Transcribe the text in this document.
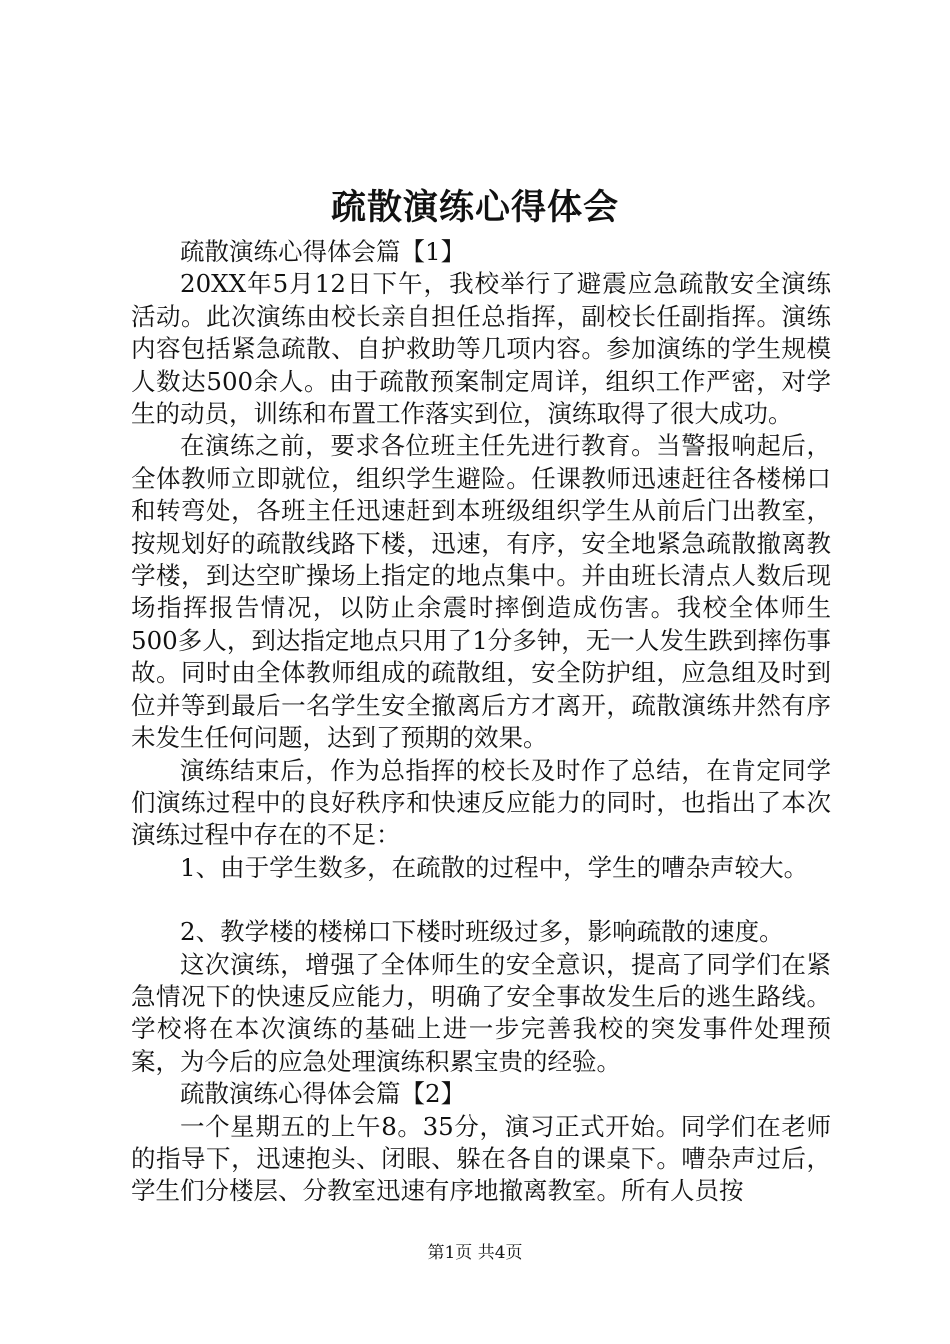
疏散演练心得体会

疏散演练心得体会篇【1】

20XX年5月12日下午，我校举行了避震应急疏散安全演练活动。此次演练由校长亲自担任总指挥，副校长任副指挥。演练内容包括紧急疏散、自护救助等几项内容。参加演练的学生规模人数达500余人。由于疏散预案制定周详，组织工作严密，对学生的动员，训练和布置工作落实到位，演练取得了很大成功。

在演练之前，要求各位班主任先进行教育。当警报响起后，全体教师立即就位，组织学生避险。任课教师迅速赶往各楼梯口和转弯处，各班主任迅速赶到本班级组织学生从前后门出教室，按规划好的疏散线路下楼，迅速，有序，安全地紧急疏散撤离教学楼，到达空旷操场上指定的地点集中。并由班长清点人数后现场指挥报告情况，以防止余震时摔倒造成伤害。我校全体师生500多人，到达指定地点只用了1分多钟，无一人发生跌到摔伤事故。同时由全体教师组成的疏散组，安全防护组，应急组及时到位并等到最后一名学生安全撤离后方才离开，疏散演练井然有序未发生任何问题，达到了预期的效果。

演练结束后，作为总指挥的校长及时作了总结，在肯定同学们演练过程中的良好秩序和快速反应能力的同时，也指出了本次演练过程中存在的不足：

1、由于学生数多，在疏散的过程中，学生的嘈杂声较大。

2、教学楼的楼梯口下楼时班级过多，影响疏散的速度。

这次演练，增强了全体师生的安全意识，提高了同学们在紧急情况下的快速反应能力，明确了安全事故发生后的逃生路线。学校将在本次演练的基础上进一步完善我校的突发事件处理预案，为今后的应急处理演练积累宝贵的经验。

疏散演练心得体会篇【2】

一个星期五的上午8。35分，演习正式开始。同学们在老师的指导下，迅速抱头、闭眼、躲在各自的课桌下。嘈杂声过后，学生们分楼层、分教室迅速有序地撤离教室。所有人员按

第1页 共4页
